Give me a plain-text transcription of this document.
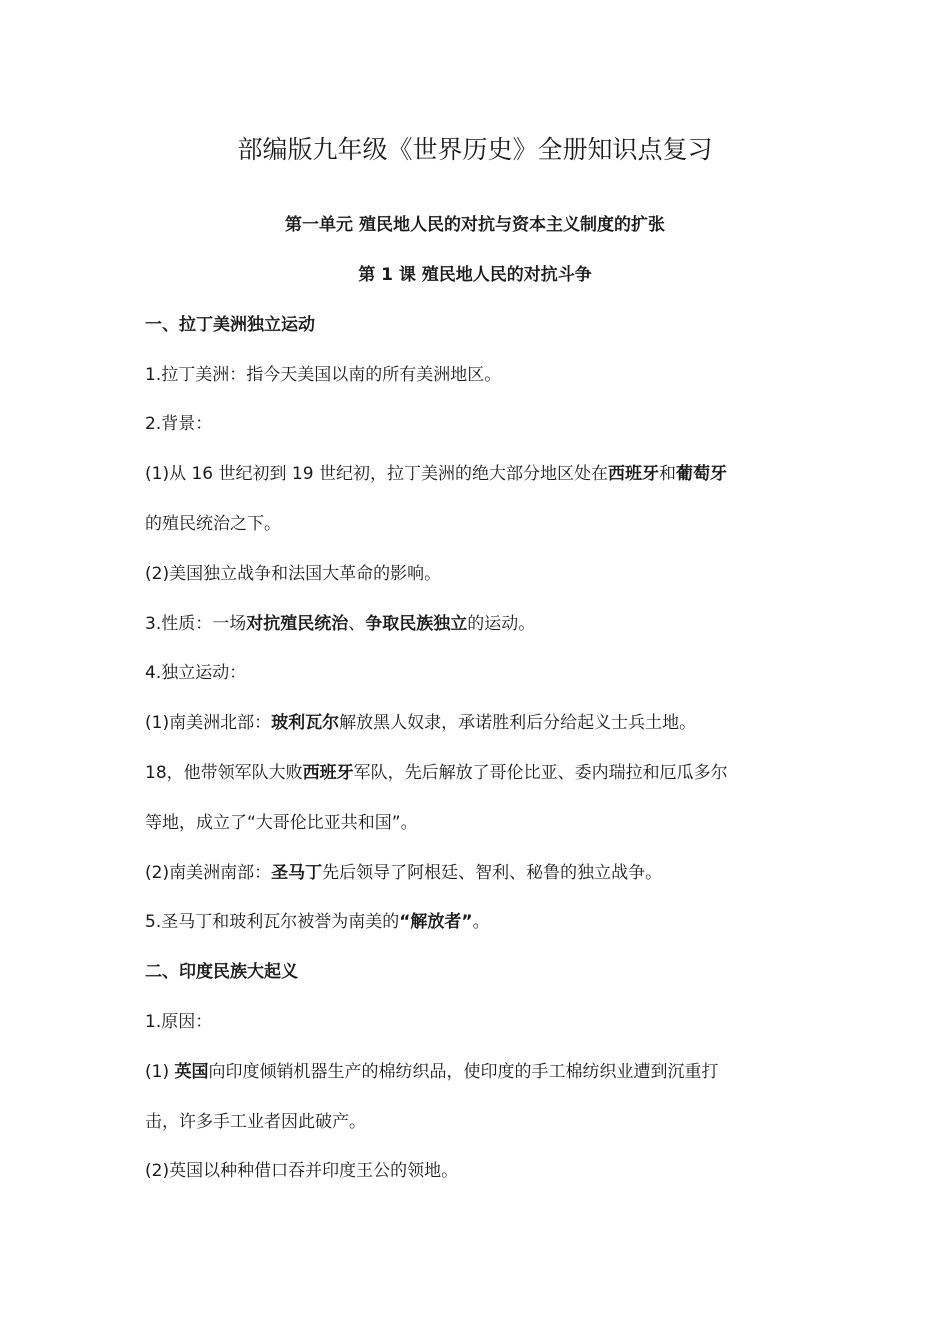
部编版九年级《世界历史》全册知识点复习
第一单元 殖民地人民的对抗与资本主义制度的扩张
第 1 课 殖民地人民的对抗斗争
一、拉丁美洲独立运动
1.拉丁美洲：指今天美国以南的所有美洲地区。
2.背景：
(1)从 16 世纪初到 19 世纪初，拉丁美洲的绝大部分地区处在西班牙和葡萄牙
的殖民统治之下。
(2)美国独立战争和法国大革命的影响。
3.性质：一场对抗殖民统治、争取民族独立的运动。
4.独立运动：
(1)南美洲北部：玻利瓦尔解放黑人奴隶，承诺胜利后分给起义士兵土地。
18，他带领军队大败西班牙军队，先后解放了哥伦比亚、委内瑞拉和厄瓜多尔
等地，成立了“大哥伦比亚共和国”。
(2)南美洲南部：圣马丁先后领导了阿根廷、智利、秘鲁的独立战争。
5.圣马丁和玻利瓦尔被誉为南美的“解放者”。
二、印度民族大起义
1.原因：
(1) 英国向印度倾销机器生产的棉纺织品，使印度的手工棉纺织业遭到沉重打
击，许多手工业者因此破产。
(2)英国以种种借口吞并印度王公的领地。
